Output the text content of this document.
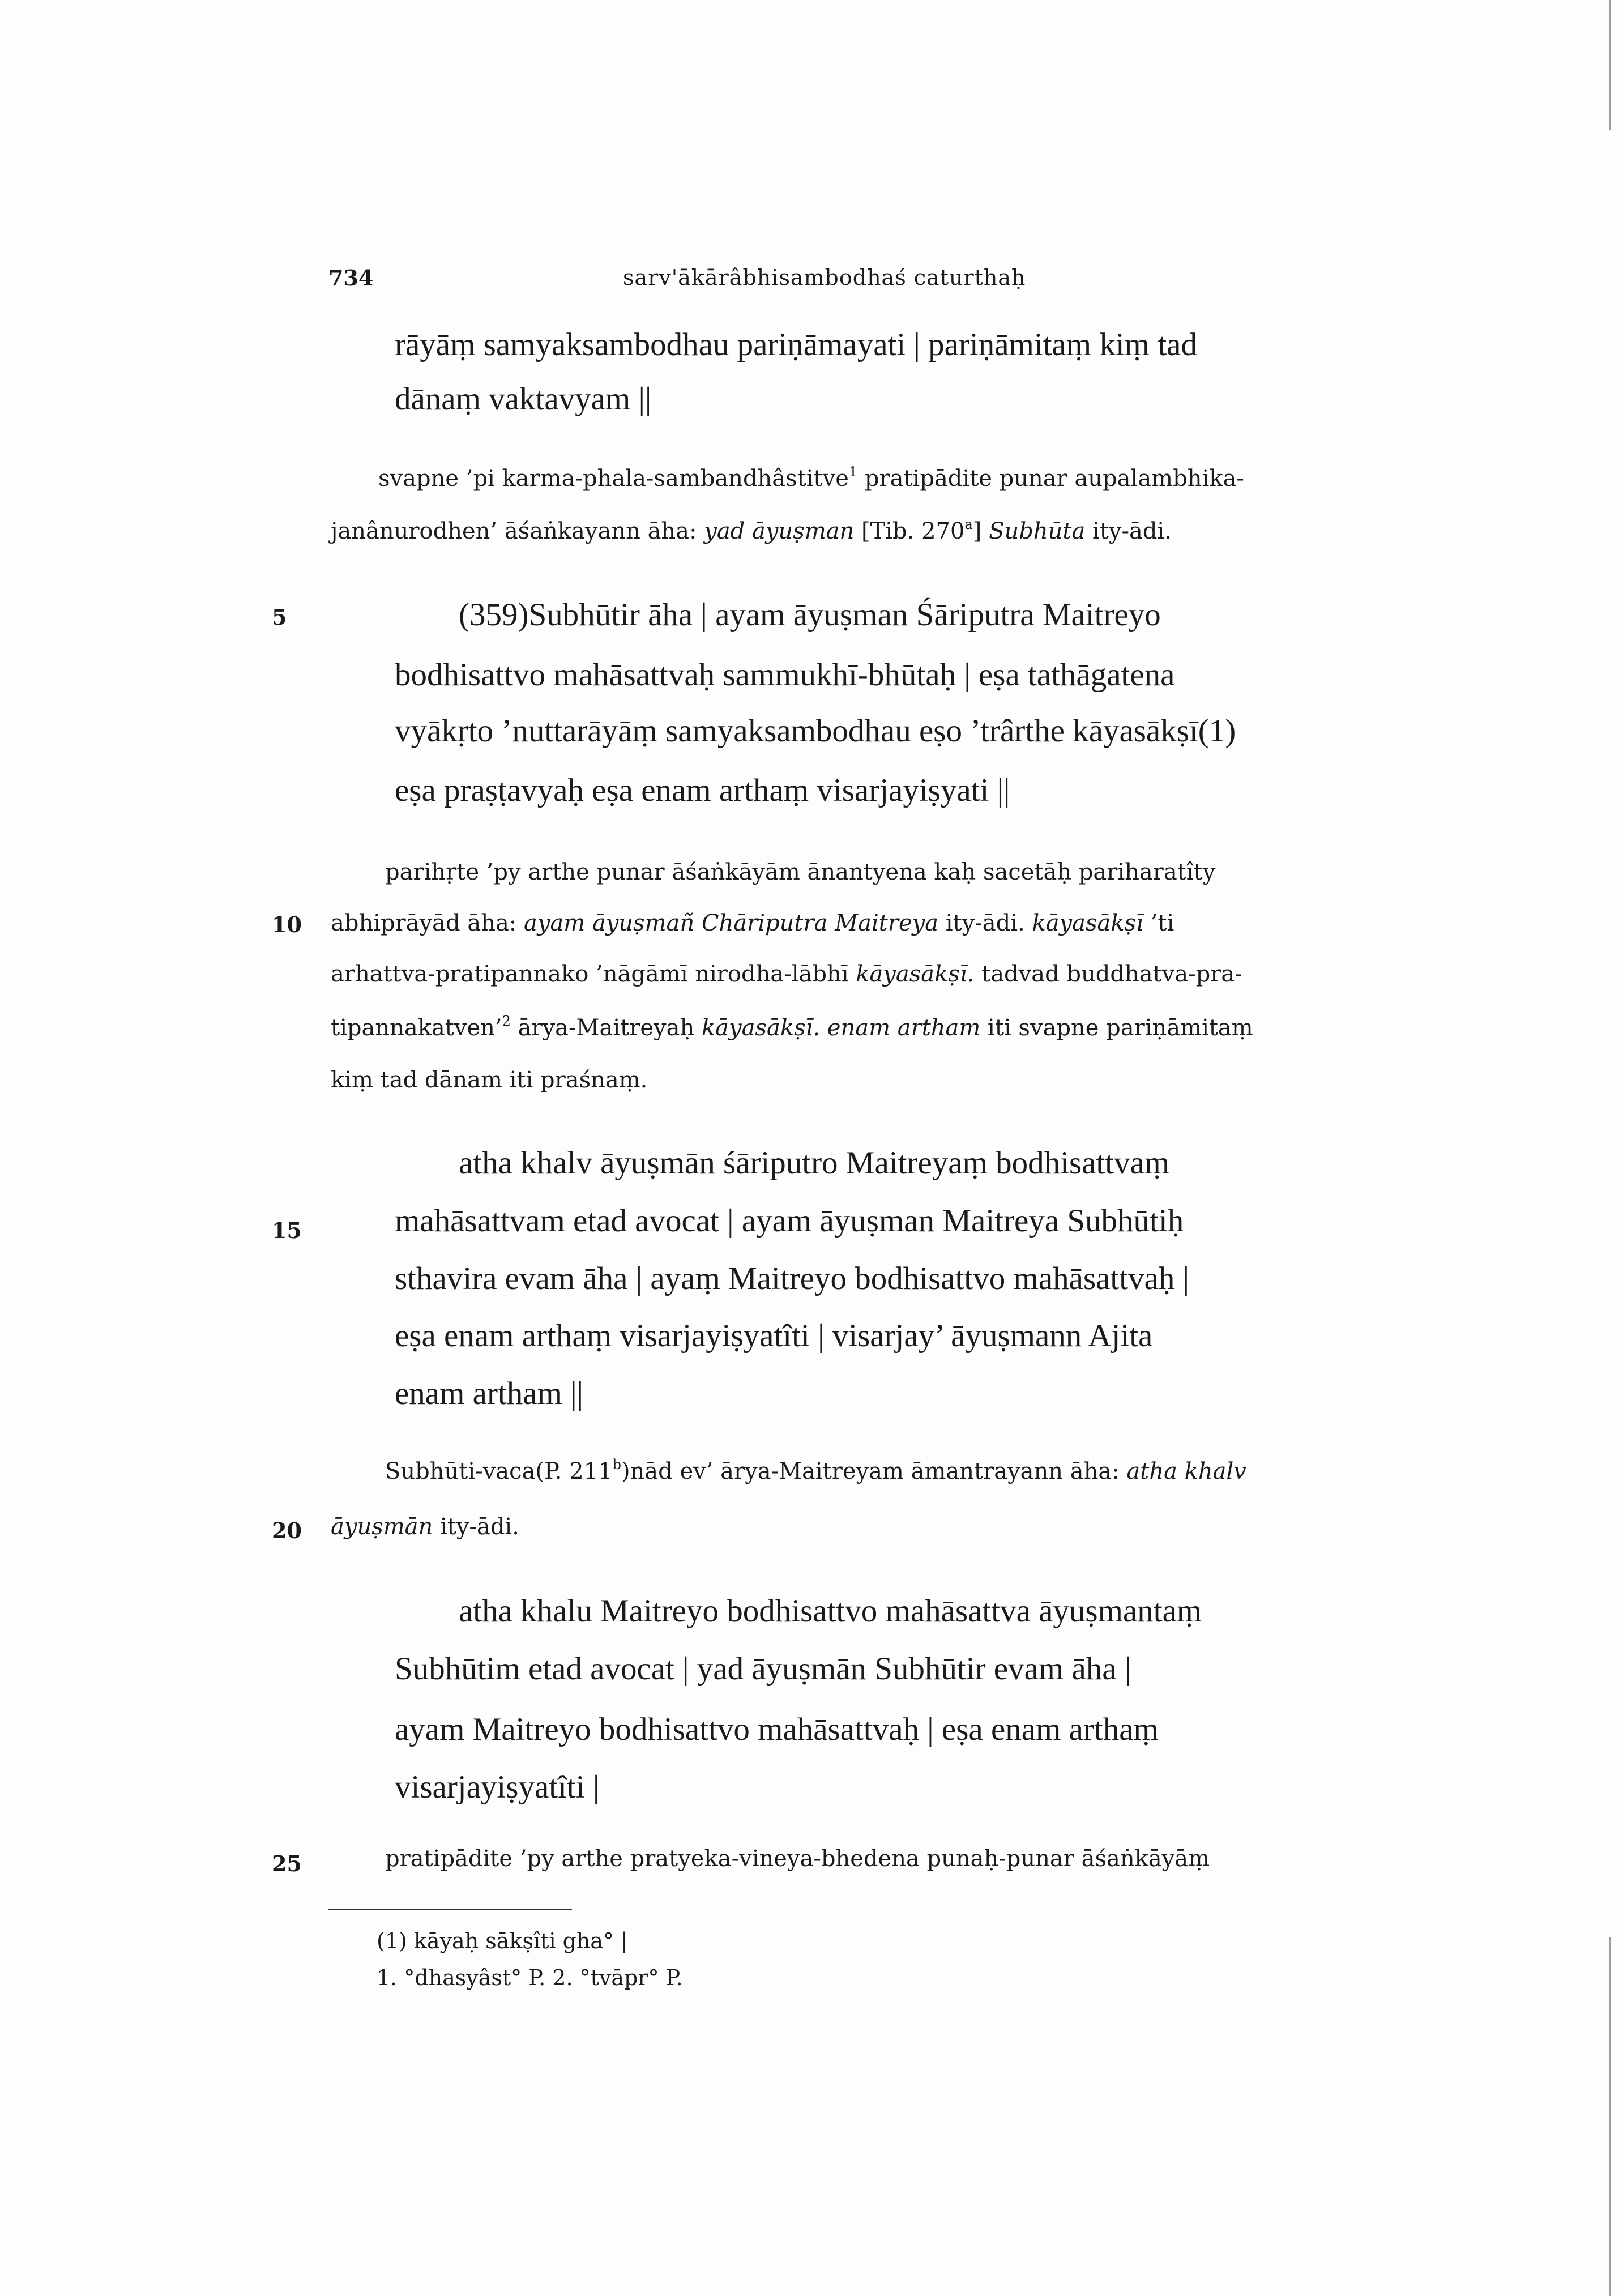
734	sarv'ākārâbhisambodhaś caturthaḥ
rāyāṃ samyaksambodhau pariṇāmayati | pariṇāmitaṃ kiṃ tad
dānaṃ vaktavyam ||
svapne ’pi karma-phala-sambandhâstitve$^1$ pratipādite punar aupalambhika-
janânurodhen’ āśaṅkayann āha: yad āyuṣman [Tib. 270$^a$] Subhūta ity-ādi.
(359)Subhūtir āha | ayam āyuṣman Śāriputra Maitreyo
bodhisattvo mahāsattvaḥ sammukhī-bhūtaḥ | eṣa tathāgatena
vyākṛto ’nuttarāyāṃ samyaksambodhau eṣo ’trârthe kāyasākṣī(1)
eṣa praṣṭavyaḥ eṣa enam arthaṃ visarjayiṣyati ||
parihṛte ’py arthe punar āśaṅkāyām ānantyena kaḥ sacetāḥ pariharatîty
abhiprāyād āha: ayam āyuṣmañ Chāriputra Maitreya ity-ādi. kāyasākṣī ’ti
arhattva-pratipannako ’nāgāmī nirodha-lābhī kāyasākṣī. tadvad buddhatva-pra-
tipannakatven’$^2$ ārya-Maitreyaḥ kāyasākṣī. enam artham iti svapne pariṇāmitaṃ
kiṃ tad dānam iti praśnaṃ.
atha khalv āyuṣmān śāriputro Maitreyaṃ bodhisattvaṃ
mahāsattvam etad avocat | ayam āyuṣman Maitreya Subhūtiḥ
sthavira evam āha | ayaṃ Maitreyo bodhisattvo mahāsattvaḥ |
eṣa enam arthaṃ visarjayiṣyatîti | visarjay’ āyuṣmann Ajita
enam artham ||
Subhūti-vaca(P. 211$^b$)nād ev’ ārya-Maitreyam āmantrayann āha: atha khalv
āyuṣmān ity-ādi.
atha khalu Maitreyo bodhisattvo mahāsattva āyuṣmantaṃ
Subhūtim etad avocat | yad āyuṣmān Subhūtir evam āha |
ayam Maitreyo bodhisattvo mahāsattvaḥ | eṣa enam arthaṃ
visarjayiṣyatîti |
pratipādite ’py arthe pratyeka-vineya-bhedena punaḥ-punar āśaṅkāyāṃ
5
10
15
20
25
(1) kāyaḥ sākṣîti gha° |
1. °dhasyâst° P. 2. °tvāpr° P.
